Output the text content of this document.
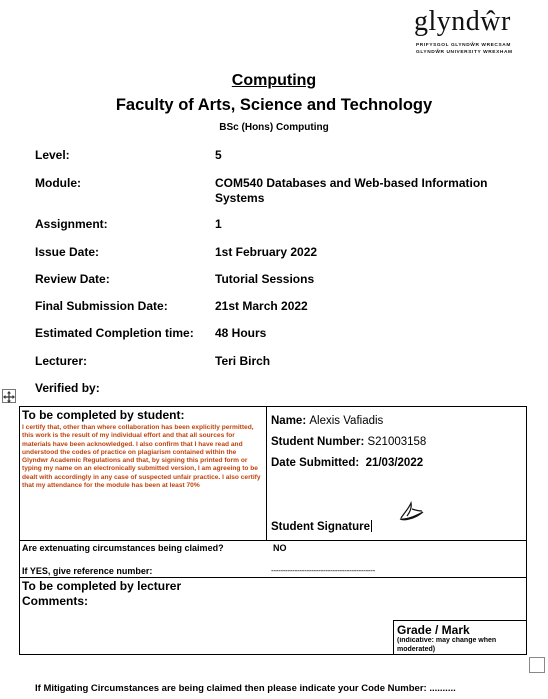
glyndŵr
PRIFYSGOL GLYNDŴR WRECSAM
GLYNDŴR UNIVERSITY WREXHAM
Computing
Faculty of Arts, Science and Technology
BSc (Hons) Computing
Level:	5
Module:	COM540 Databases and Web-based Information Systems
Assignment:	1
Issue Date:	1st February 2022
Review Date:	Tutorial Sessions
Final Submission Date:	21st March 2022
Estimated Completion time: 48 Hours
Lecturer:	Teri Birch
Verified by:
To be completed by student:
I certify that, other than where collaboration has been explicitly permitted, this work is the result of my individual effort and that all sources for materials have been acknowledged. I also confirm that I have read and understood the codes of practice on plagiarism contained within the Glyndwr Academic Regulations and that, by signing this printed form or typing my name on an electronically submitted version, I am agreeing to be dealt with accordingly in any case of suspected unfair practice. I also certify that my attendance for the module has been at least 70%
Name: Alexis Vafiadis
Student Number: S21003158
Date Submitted: 21/03/2022
Student Signature
Are extenuating circumstances being claimed?	NO
If YES, give reference number:	--------------------------------------------
To be completed by lecturer
Comments:
Grade / Mark
(indicative: may change when moderated)
If Mitigating Circumstances are being claimed then please indicate your Code Number: ..........
